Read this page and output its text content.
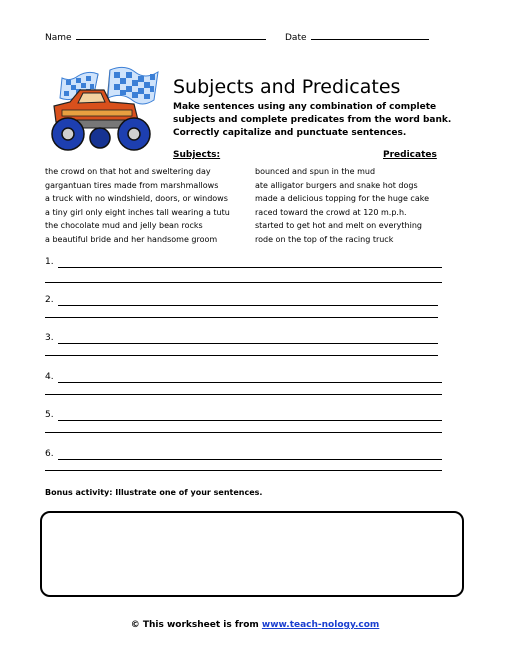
Name	Date
Subjects and Predicates
Make sentences using any combination of complete subjects and complete predicates from the word bank. Correctly capitalize and punctuate sentences.
Subjects:	Predicates
the crowd on that hot and sweltering day
gargantuan tires made from marshmallows
a truck with no windshield, doors, or windows
a tiny girl only eight inches tall wearing a tutu
the chocolate mud and jelly bean rocks
a beautiful bride and her handsome groom
bounced and spun in the mud
ate alligator burgers and snake hot dogs
made a delicious topping for the huge cake
raced toward the crowd at 120 m.p.h.
started to get hot and melt on everything
rode on the top of the racing truck
1.
2.
3.
4.
5.
6.
Bonus activity: Illustrate one of your sentences.
© This worksheet is from www.teach-nology.com
